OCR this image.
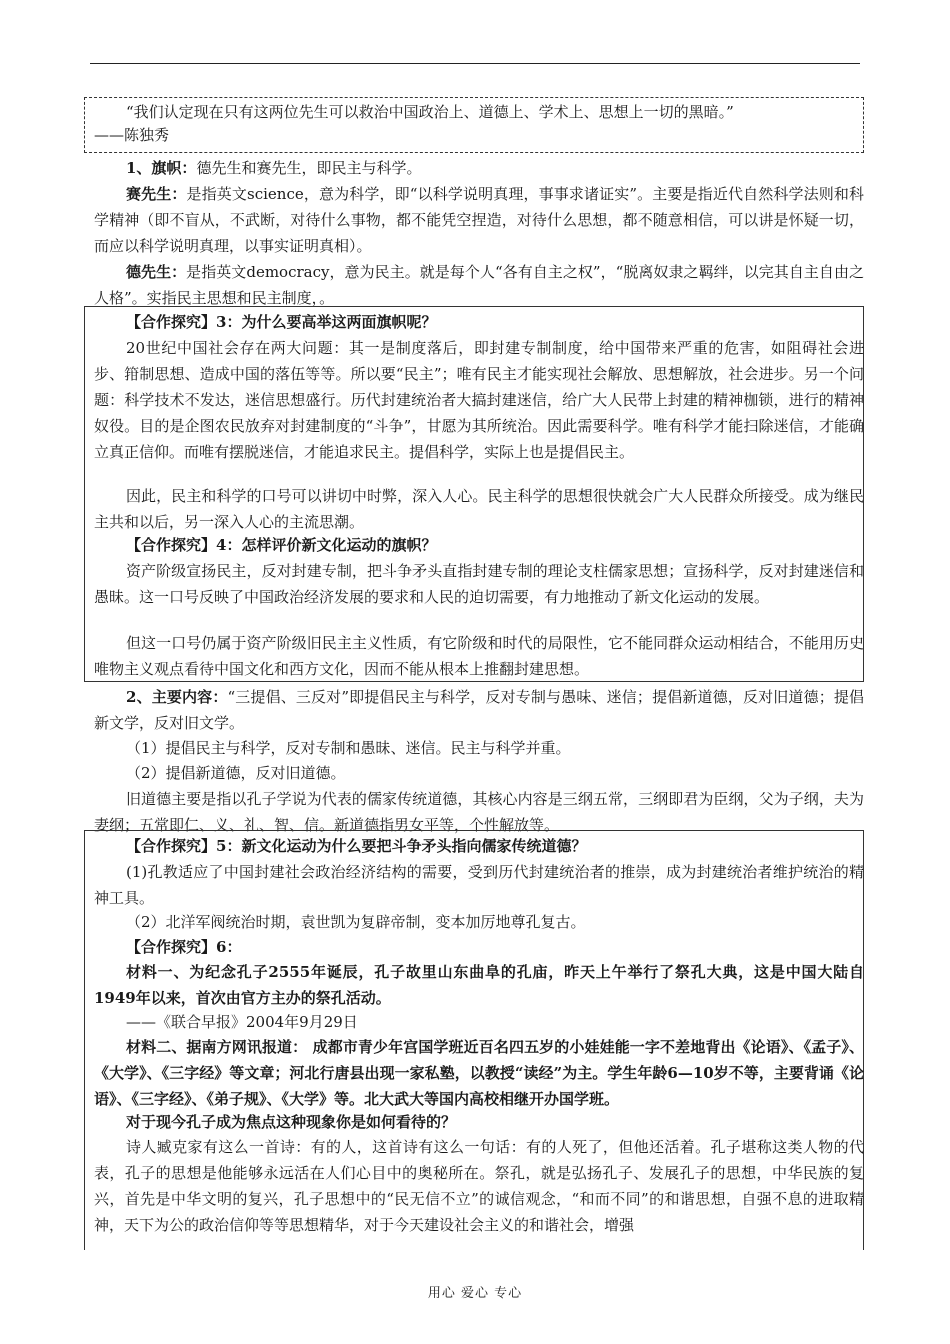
“我们认定现在只有这两位先生可以救治中国政治上、道德上、学术上、思想上一切的黑暗。”

——陈独秀

1、旗帜：德先生和赛先生，即民主与科学。

赛先生：是指英文science，意为科学，即“以科学说明真理，事事求诸证实”。主要是指近代自然科学法则和科学精神（即不盲从，不武断，对待什么事物，都不能凭空捏造，对待什么思想，都不随意相信，可以讲是怀疑一切，而应以科学说明真理，以事实证明真相）。

德先生：是指英文democracy，意为民主。就是每个人“各有自主之权”，“脱离奴隶之羁绊，以完其自主自由之人格”。实指民主思想和民主制度，。

【合作探究】3：为什么要高举这两面旗帜呢？

20世纪中国社会存在两大问题：其一是制度落后，即封建专制制度，给中国带来严重的危害，如阻碍社会进步、箝制思想、造成中国的落伍等等。所以要“民主”；唯有民主才能实现社会解放、思想解放，社会进步。另一个问题：科学技术不发达，迷信思想盛行。历代封建统治者大搞封建迷信，给广大人民带上封建的精神枷锁，进行的精神奴役。目的是企图农民放弃对封建制度的“斗争”，甘愿为其所统治。因此需要科学。唯有科学才能扫除迷信，才能确立真正信仰。而唯有摆脱迷信，才能追求民主。提倡科学，实际上也是提倡民主。

因此，民主和科学的口号可以讲切中时弊，深入人心。民主科学的思想很快就会广大人民群众所接受。成为继民主共和以后，另一深入人心的主流思潮。

【合作探究】4：怎样评价新文化运动的旗帜？

资产阶级宣扬民主，反对封建专制，把斗争矛头直指封建专制的理论支柱儒家思想；宣扬科学，反对封建迷信和愚昧。这一口号反映了中国政治经济发展的要求和人民的迫切需要，有力地推动了新文化运动的发展。

但这一口号仍属于资产阶级旧民主主义性质，有它阶级和时代的局限性，它不能同群众运动相结合，不能用历史唯物主义观点看待中国文化和西方文化，因而不能从根本上推翻封建思想。

2、主要内容：“三提倡、三反对”即提倡民主与科学，反对专制与愚味、迷信；提倡新道德，反对旧道德；提倡新文学，反对旧文学。

（1）提倡民主与科学，反对专制和愚昧、迷信。民主与科学并重。

（2）提倡新道德，反对旧道德。

旧道德主要是指以孔子学说为代表的儒家传统道德，其核心内容是三纲五常，三纲即君为臣纲，父为子纲，夫为妻纲；五常即仁、义、礼、智、信。新道德指男女平等，个性解放等。

【合作探究】5：新文化运动为什么要把斗争矛头指向儒家传统道德？

(1)孔教适应了中国封建社会政治经济结构的需要，受到历代封建统治者的推崇，成为封建统治者维护统治的精神工具。

（2）北洋军阀统治时期，袁世凯为复辟帝制，变本加厉地尊孔复古。

【合作探究】6：

材料一、为纪念孔子2555年诞辰，孔子故里山东曲阜的孔庙，昨天上午举行了祭孔大典，这是中国大陆自1949年以来，首次由官方主办的祭孔活动。

——《联合早报》2004年9月29日

材料二、据南方网讯报道： 成都市青少年宫国学班近百名四五岁的小娃娃能一字不差地背出《论语》、《孟子》、《大学》、《三字经》等文章；河北行唐县出现一家私塾，以教授“读经”为主。学生年龄6—10岁不等，主要背诵《论语》、《三字经》、《弟子规》、《大学》等。北大武大等国内高校相继开办国学班。

对于现今孔子成为焦点这种现象你是如何看待的？

诗人臧克家有这么一首诗：有的人，这首诗有这么一句话：有的人死了，但他还活着。孔子堪称这类人物的代表，孔子的思想是他能够永远活在人们心目中的奥秘所在。祭孔，就是弘扬孔子、发展孔子的思想，中华民族的复兴，首先是中华文明的复兴，孔子思想中的“民无信不立”的诚信观念，“和而不同”的和谐思想，自强不息的进取精神，天下为公的政治信仰等等思想精华，对于今天建设社会主义的和谐社会，增强

用心 爱心 专心
